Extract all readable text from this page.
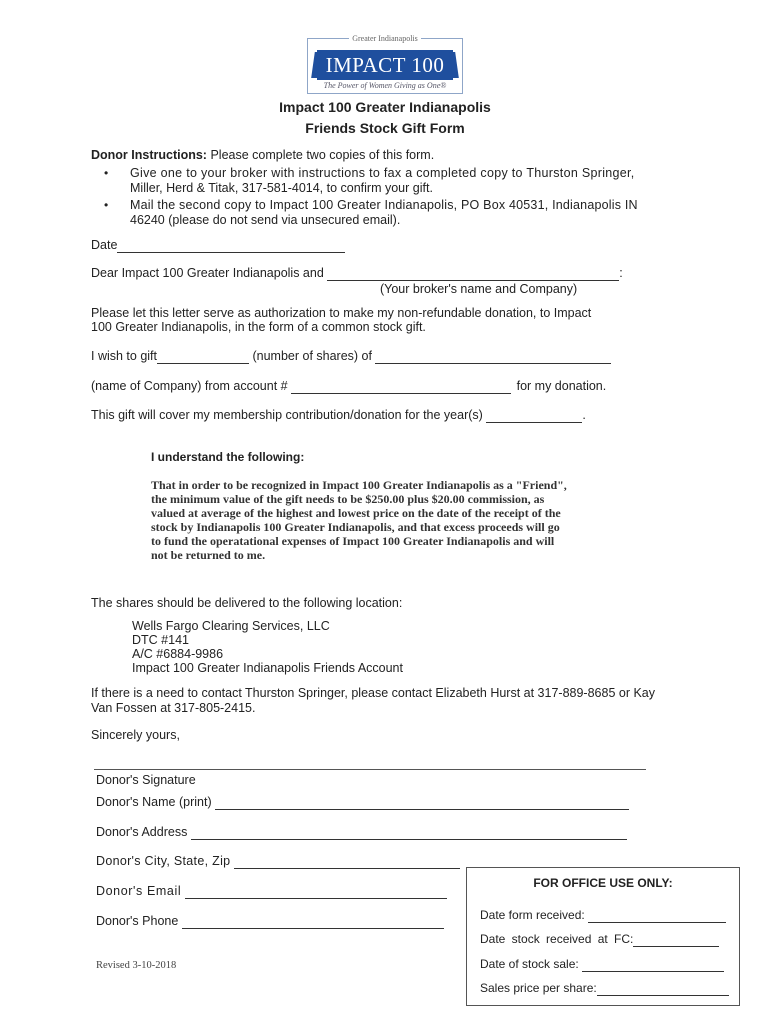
Greater Indianapolis
IMPACT 100
The Power of Women Giving as One®
Impact 100 Greater Indianapolis
Friends Stock Gift Form
Donor Instructions: Please complete two copies of this form.
• Give one to your broker with instructions to fax a completed copy to Thurston Springer,
Miller, Herd & Titak, 317-581-4014, to confirm your gift.
• Mail the second copy to Impact 100 Greater Indianapolis, PO Box 40531, Indianapolis IN
46240 (please do not send via unsecured email).
Date
Dear Impact 100 Greater Indianapolis and	:
(Your broker's name and Company)
Please let this letter serve as authorization to make my non-refundable donation, to Impact
100 Greater Indianapolis, in the form of a common stock gift.
I wish to gift	(number of shares) of
(name of Company) from account #	for my donation.
This gift will cover my membership contribution/donation for the year(s)	.
I understand the following:
That in order to be recognized in Impact 100 Greater Indianapolis as a "Friend",
the minimum value of the gift needs to be $250.00 plus $20.00 commission, as
valued at average of the highest and lowest price on the date of the receipt of the
stock by Indianapolis 100 Greater Indianapolis, and that excess proceeds will go
to fund the operatational expenses of Impact 100 Greater Indianapolis and will
not be returned to me.
The shares should be delivered to the following location:
Wells Fargo Clearing Services, LLC
DTC #141
A/C #6884-9986
Impact 100 Greater Indianapolis Friends Account
If there is a need to contact Thurston Springer, please contact Elizabeth Hurst at 317-889-8685 or Kay
Van Fossen at 317-805-2415.
Sincerely yours,
Donor's Signature
Donor's Name (print)
Donor's Address
Donor's City, State, Zip
Donor's Email
Donor's Phone
Revised 3-10-2018
FOR OFFICE USE ONLY:
Date form received:
Date stock received at FC:
Date of stock sale:
Sales price per share:
